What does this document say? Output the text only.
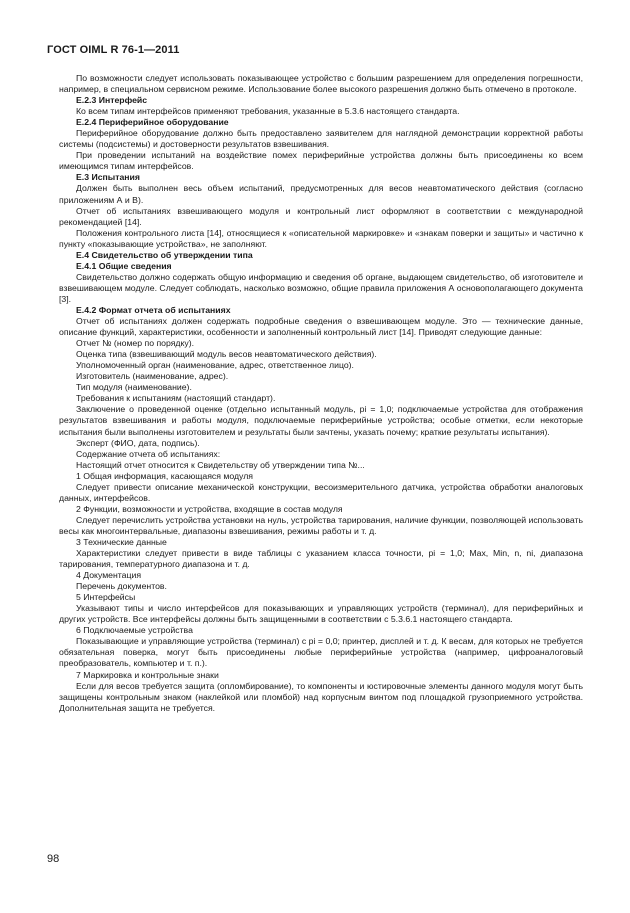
ГОСТ OIML R 76-1—2011

По возможности следует использовать показывающее устройство с большим разрешением для определения погрешности, например, в специальном сервисном режиме. Использование более высокого разрешения должно быть отмечено в протоколе.

Е.2.3 Интерфейс

Ко всем типам интерфейсов применяют требования, указанные в 5.3.6 настоящего стандарта.

Е.2.4 Периферийное оборудование

Периферийное оборудование должно быть предоставлено заявителем для наглядной демонстрации корректной работы системы (подсистемы) и достоверности результатов взвешивания.

При проведении испытаний на воздействие помех периферийные устройства должны быть присоединены ко всем имеющимся типам интерфейсов.

Е.3 Испытания

Должен быть выполнен весь объем испытаний, предусмотренных для весов неавтоматического действия (согласно приложениям А и В).

Отчет об испытаниях взвешивающего модуля и контрольный лист оформляют в соответствии с международной рекомендацией [14].

Положения контрольного листа [14], относящиеся к «описательной маркировке» и «знакам поверки и защиты» и частично к пункту «показывающие устройства», не заполняют.

Е.4 Свидетельство об утверждении типа

Е.4.1 Общие сведения

Свидетельство должно содержать общую информацию и сведения об органе, выдающем свидетельство, об изготовителе и взвешивающем модуле. Следует соблюдать, насколько возможно, общие правила приложения А основополагающего документа [3].

Е.4.2 Формат отчета об испытаниях

Отчет об испытаниях должен содержать подробные сведения о взвешивающем модуле. Это — технические данные, описание функций, характеристики, особенности и заполненный контрольный лист [14]. Приводят следующие данные:

Отчет № (номер по порядку).

Оценка типа (взвешивающий модуль весов неавтоматического действия).

Уполномоченный орган (наименование, адрес, ответственное лицо).

Изготовитель (наименование, адрес).

Тип модуля (наименование).

Требования к испытаниям (настоящий стандарт).

Заключение о проведенной оценке (отдельно испытанный модуль, pi = 1,0; подключаемые устройства для отображения результатов взвешивания и работы модуля, подключаемые периферийные устройства; особые отметки, если некоторые испытания были выполнены изготовителем и результаты были зачтены, указать почему; краткие результаты испытания).

Эксперт (ФИО, дата, подпись).

Содержание отчета об испытаниях:

Настоящий отчет относится к Свидетельству об утверждении типа №...

1 Общая информация, касающаяся модуля

Следует привести описание механической конструкции, весоизмерительного датчика, устройства обработки аналоговых данных, интерфейсов.

2 Функции, возможности и устройства, входящие в состав модуля

Следует перечислить устройства установки на нуль, устройства тарирования, наличие функции, позволяющей использовать весы как многоинтервальные, диапазоны взвешивания, режимы работы и т. д.

3 Технические данные

Характеристики следует привести в виде таблицы с указанием класса точности, pi = 1,0; Max, Min, n, ni, диапазона тарирования, температурного диапазона и т. д.

4 Документация

Перечень документов.

5 Интерфейсы

Указывают типы и число интерфейсов для показывающих и управляющих устройств (терминал), для периферийных и других устройств. Все интерфейсы должны быть защищенными в соответствии с 5.3.6.1 настоящего стандарта.

6 Подключаемые устройства

Показывающие и управляющие устройства (терминал) с pi = 0,0; принтер, дисплей и т. д. К весам, для которых не требуется обязательная поверка, могут быть присоединены любые периферийные устройства (например, цифроаналоговый преобразователь, компьютер и т. п.).

7 Маркировка и контрольные знаки

Если для весов требуется защита (опломбирование), то компоненты и юстировочные элементы данного модуля могут быть защищены контрольным знаком (наклейкой или пломбой) над корпусным винтом под площадкой грузоприемного устройства. Дополнительная защита не требуется.

98
